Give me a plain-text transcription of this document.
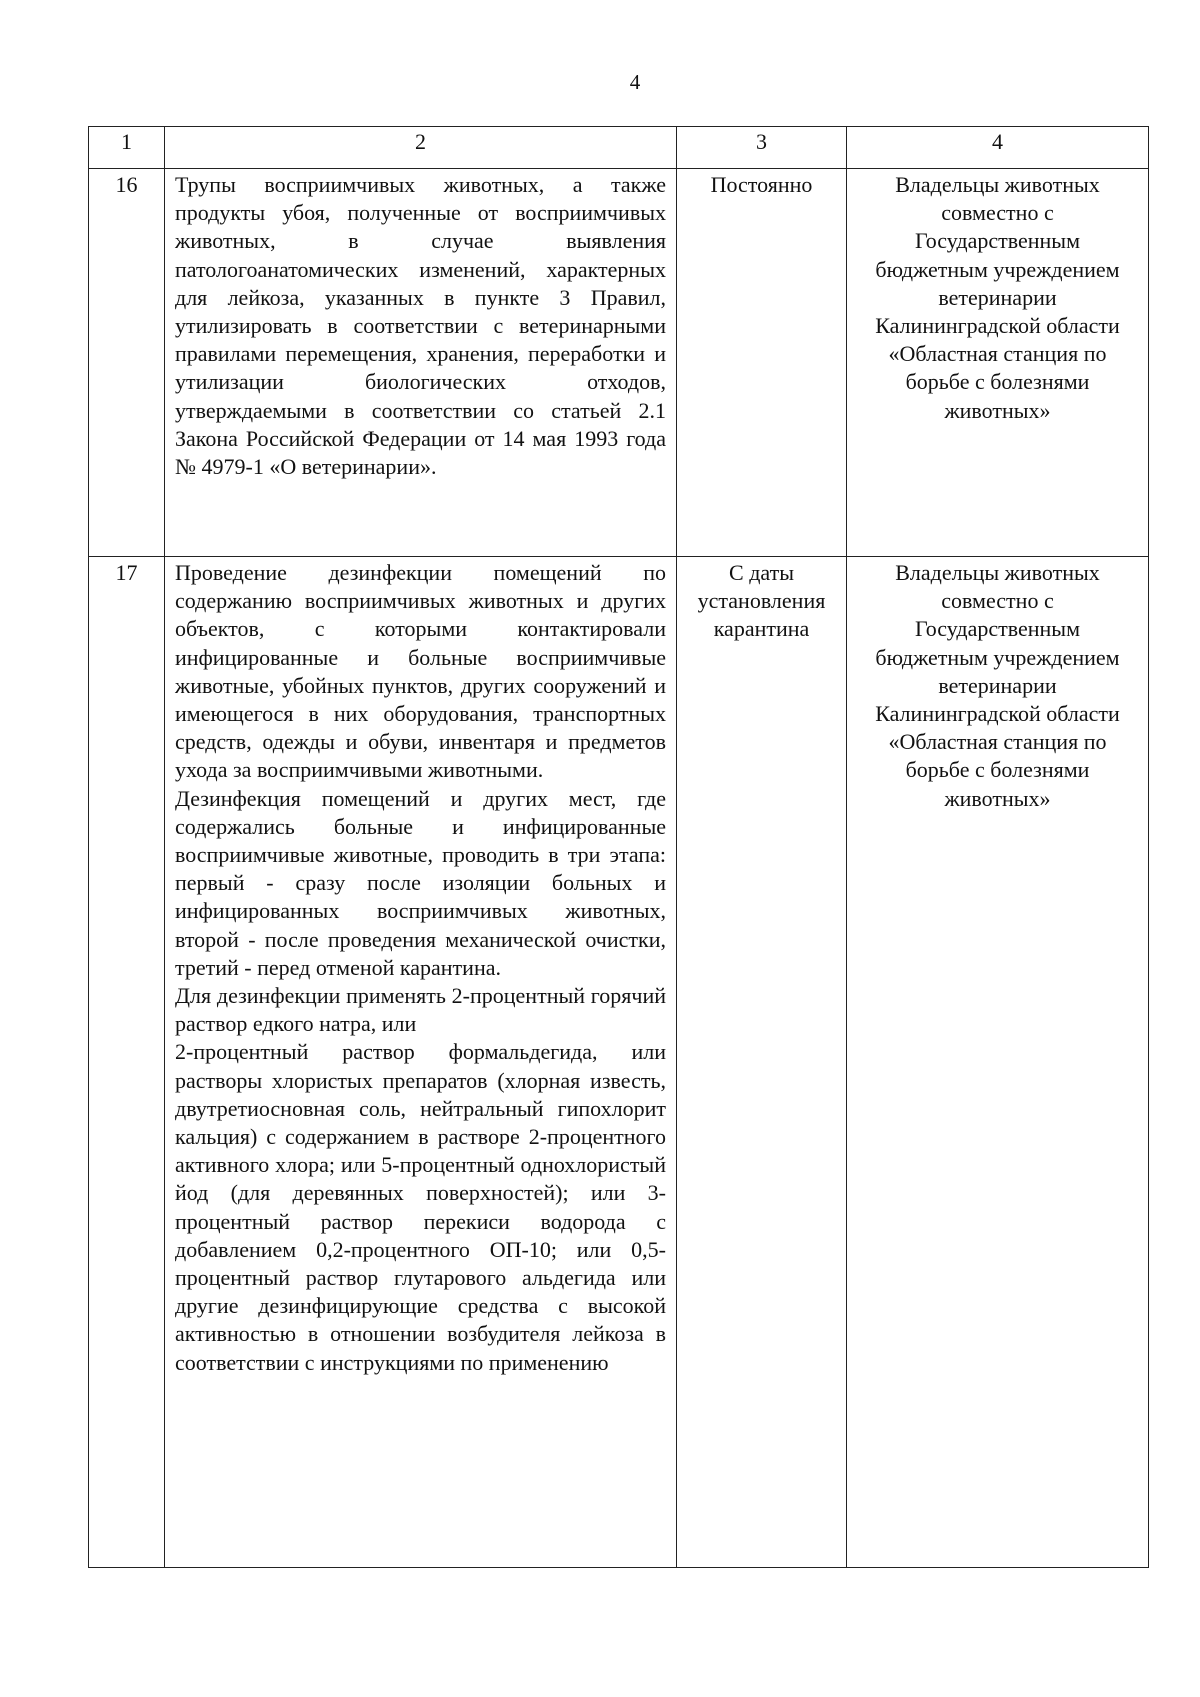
4
1	2	3	4
16	Трупы восприимчивых животных, а также продукты убоя, полученные от восприимчивых животных, в случае выявления патологоанатомических изменений, характерных для лейкоза, указанных в пункте 3 Правил, утилизировать в соответствии с ветеринарными правилами перемещения, хранения, переработки и утилизации биологических отходов, утверждаемыми в соответствии со статьей 2.1 Закона Российской Федерации от 14 мая 1993 года № 4979-1 «О ветеринарии».	Постоянно	Владельцы животных совместно с Государственным бюджетным учреждением ветеринарии Калининградской области «Областная станция по борьбе с болезнями животных»
17	Проведение дезинфекции помещений по содержанию восприимчивых животных и других объектов, с которыми контактировали инфицированные и больные восприимчивые животные, убойных пунктов, других сооружений и имеющегося в них оборудования, транспортных средств, одежды и обуви, инвентаря и предметов ухода за восприимчивыми животными.

Дезинфекция помещений и других мест, где содержались больные и инфицированные восприимчивые животные, проводить в три этапа: первый - сразу после изоляции больных и инфицированных восприимчивых животных, второй - после проведения механической очистки, третий - перед отменой карантина.

Для дезинфекции применять 2-процентный горячий раствор едкого натра, или

2-процентный раствор формальдегида, или растворы хлористых препаратов (хлорная известь, двутретиосновная соль, нейтральный гипохлорит кальция) с содержанием в растворе 2-процентного активного хлора; или 5-процентный однохлористый йод (для деревянных поверхностей); или 3-процентный раствор перекиси водорода с добавлением 0,2-процентного ОП-10; или 0,5-процентный раствор глутарового альдегида или другие дезинфицирующие средства с высокой активностью в отношении возбудителя лейкоза в соответствии с инструкциями по применению	С даты установления карантина	Владельцы животных совместно с Государственным бюджетным учреждением ветеринарии Калининградской области «Областная станция по борьбе с болезнями животных»
